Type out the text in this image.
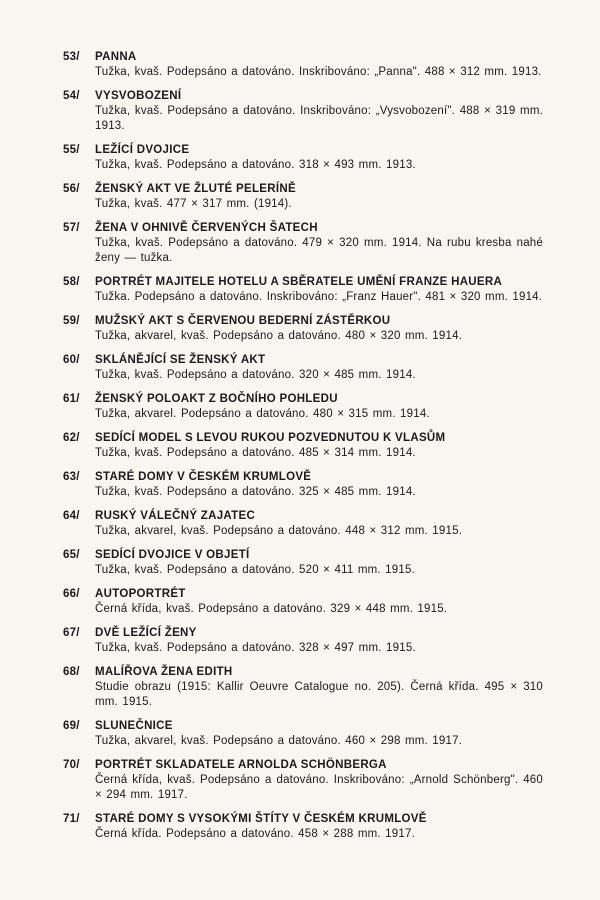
53/	PANNA
Tužka, kvaš. Podepsáno a datováno. Inskribováno: „Panna". 488 × 312 mm. 1913.
54/	VYSVOBOZENÍ
Tužka, kvaš. Podepsáno a datováno. Inskribováno: „Vysvobození". 488 × 319 mm. 1913.
55/	LEŽÍCÍ DVOJICE
Tužka, kvaš. Podepsáno a datováno. 318 × 493 mm. 1913.
56/	ŽENSKÝ AKT VE ŽLUTÉ PELERÍNĚ
Tužka, kvaš. 477 × 317 mm. (1914).
57/	ŽENA V OHNIVĚ ČERVENÝCH ŠATECH
Tužka, kvaš. Podepsáno a datováno. 479 × 320 mm. 1914. Na rubu kresba nahé ženy — tužka.
58/	PORTRÉT MAJITELE HOTELU A SBĚRATELE UMĚNÍ FRANZE HAUERA
Tužka. Podepsáno a datováno. Inskribováno: „Franz Hauer". 481 × 320 mm. 1914.
59/	MUŽSKÝ AKT S ČERVENOU BEDERNÍ ZÁSTĚRKOU
Tužka, akvarel, kvaš. Podepsáno a datováno. 480 × 320 mm. 1914.
60/	SKLÁNĚJÍCÍ SE ŽENSKÝ AKT
Tužka, kvaš. Podepsáno a datováno. 320 × 485 mm. 1914.
61/	ŽENSKÝ POLOAKT Z BOČNÍHO POHLEDU
Tužka, akvarel. Podepsáno a datováno. 480 × 315 mm. 1914.
62/	SEDÍCÍ MODEL S LEVOU RUKOU POZVEDNUTOU K VLASŮM
Tužka, kvaš. Podepsáno a datováno. 485 × 314 mm. 1914.
63/	STARÉ DOMY V ČESKÉM KRUMLOVĚ
Tužka, kvaš. Podepsáno a datováno. 325 × 485 mm. 1914.
64/	RUSKÝ VÁLEČNÝ ZAJATEC
Tužka, akvarel, kvaš. Podepsáno a datováno. 448 × 312 mm. 1915.
65/	SEDÍCÍ DVOJICE V OBJETÍ
Tužka, kvaš. Podepsáno a datováno. 520 × 411 mm. 1915.
66/	AUTOPORTRÉT
Černá křída, kvaš. Podepsáno a datováno. 329 × 448 mm. 1915.
67/	DVĚ LEŽÍCÍ ŽENY
Tužka, kvaš. Podepsáno a datováno. 328 × 497 mm. 1915.
68/	MALÍŘOVA ŽENA EDITH
Studie obrazu (1915: Kallir Oeuvre Catalogue no. 205). Černá křída. 495 × 310 mm. 1915.
69/	SLUNEČNICE
Tužka, akvarel, kvaš. Podepsáno a datováno. 460 × 298 mm. 1917.
70/	PORTRÉT SKLADATELE ARNOLDA SCHÖNBERGA
Černá křída, kvaš. Podepsáno a datováno. Inskribováno: „Arnold Schönberg". 460 × 294 mm. 1917.
71/	STARÉ DOMY S VYSOKÝMI ŠTÍTY V ČESKÉM KRUMLOVĚ
Černá křída. Podepsáno a datováno. 458 × 288 mm. 1917.
